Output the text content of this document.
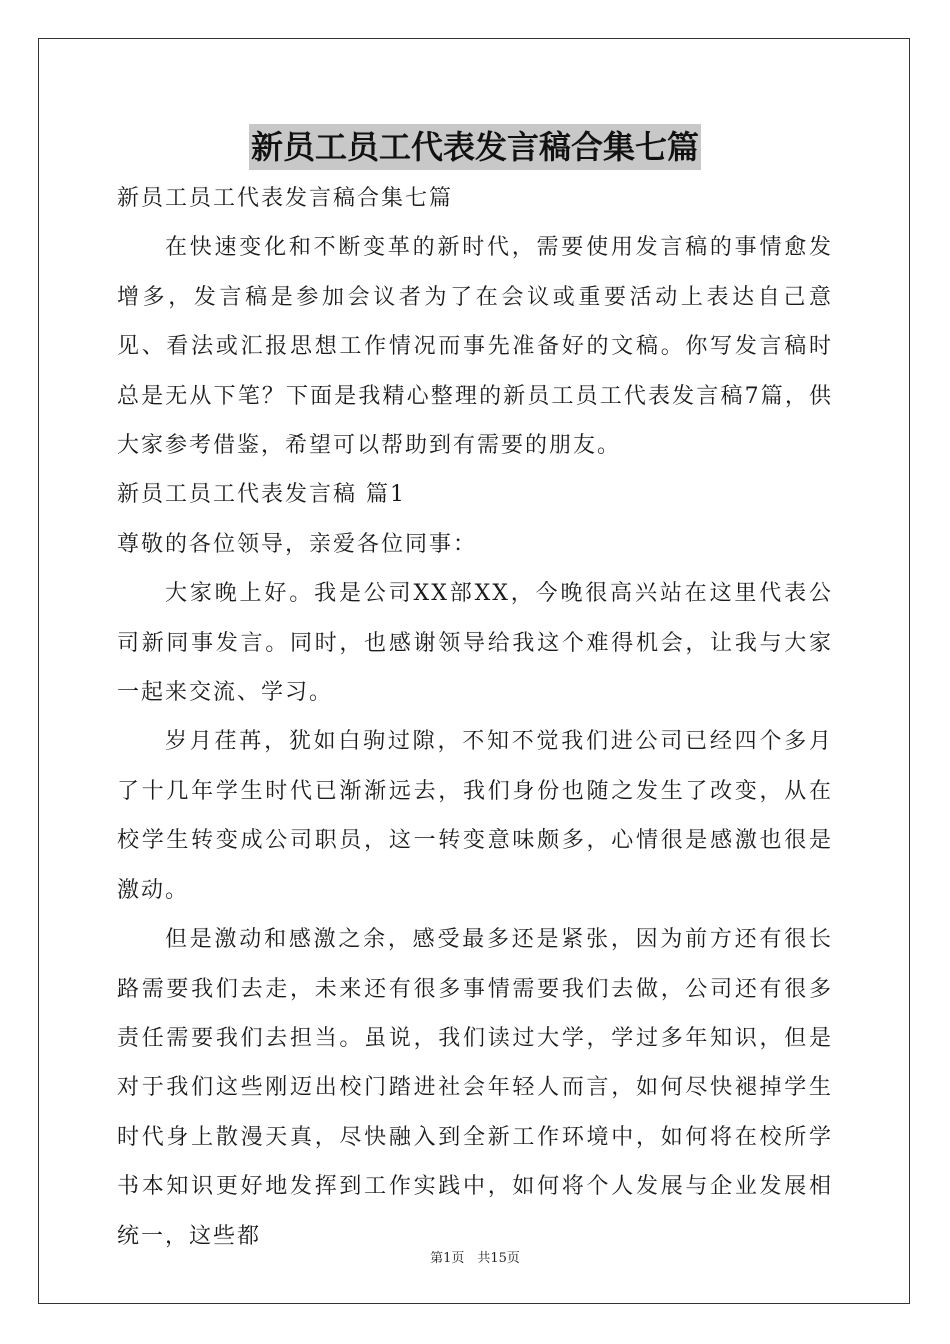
新员工员工代表发言稿合集七篇
新员工员工代表发言稿合集七篇

在快速变化和不断变革的新时代，需要使用发言稿的事情愈发增多，发言稿是参加会议者为了在会议或重要活动上表达自己意见、看法或汇报思想工作情况而事先准备好的文稿。你写发言稿时总是无从下笔？下面是我精心整理的新员工员工代表发言稿7篇，供大家参考借鉴，希望可以帮助到有需要的朋友。

新员工员工代表发言稿 篇1
尊敬的各位领导，亲爱各位同事：

大家晚上好。我是公司XX部XX，今晚很高兴站在这里代表公司新同事发言。同时，也感谢领导给我这个难得机会，让我与大家一起来交流、学习。

岁月荏苒，犹如白驹过隙，不知不觉我们进公司已经四个多月了十几年学生时代已渐渐远去，我们身份也随之发生了改变，从在校学生转变成公司职员，这一转变意味颇多，心情很是感激也很是激动。

但是激动和感激之余，感受最多还是紧张，因为前方还有很长路需要我们去走，未来还有很多事情需要我们去做，公司还有很多责任需要我们去担当。虽说，我们读过大学，学过多年知识，但是对于我们这些刚迈出校门踏进社会年轻人而言，如何尽快褪掉学生时代身上散漫天真，尽快融入到全新工作环境中，如何将在校所学书本知识更好地发挥到工作实践中，如何将个人发展与企业发展相统一，这些都

第1页　共15页
